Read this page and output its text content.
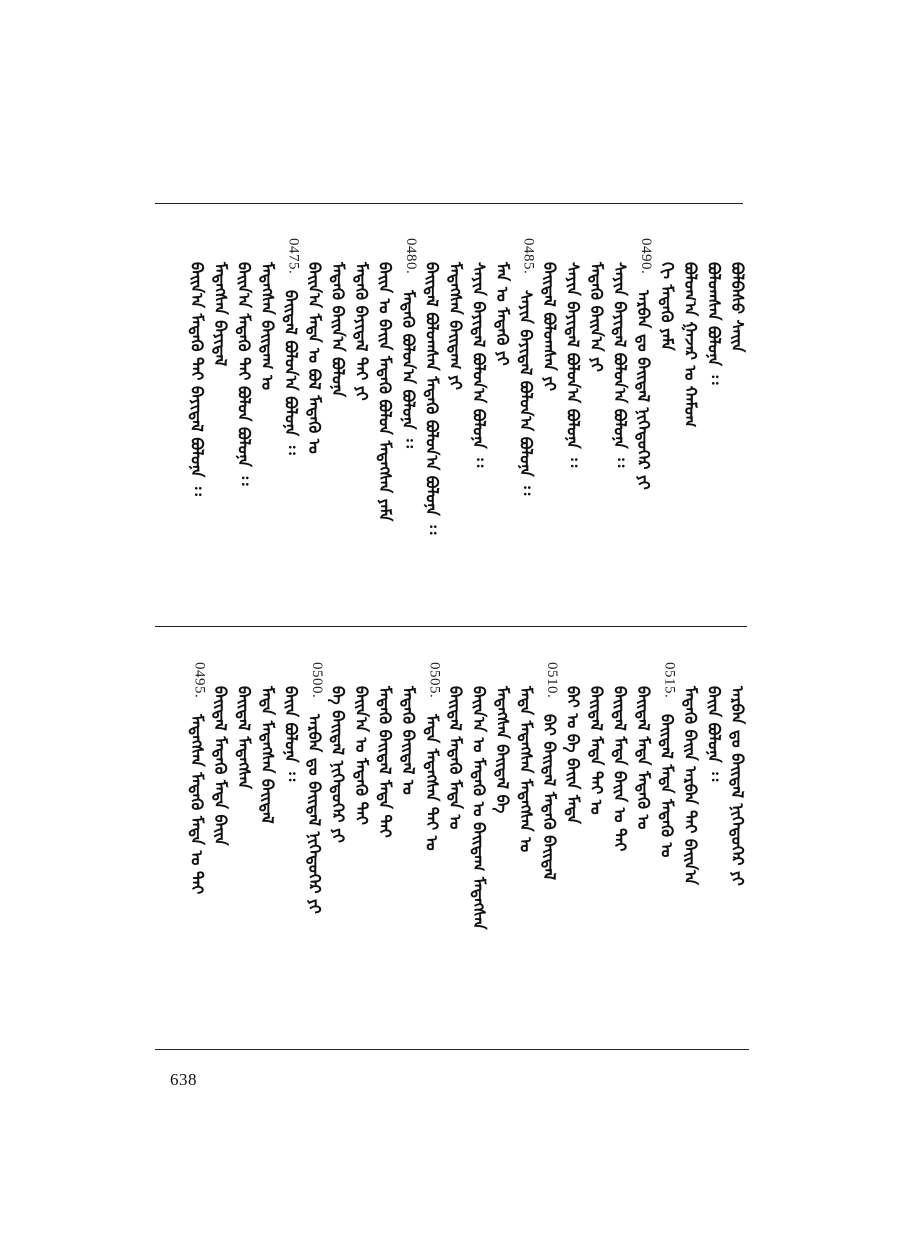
ᠪᠣᠯᠪᠠᠰᠤ ᠰᠠᠢᠨ
ᠪᠤᠯᠤᠭᠰᠠᠨ ᠪᠣᠯᠤᠨᠠ ᠄᠄
ᠪᠤᠯᠤᠭ᠎ᠠ ᠭᠠᠵᠠᠷ ᠤ ᠬᠠᠮᠤᠭ
ᠬᠢ ᠮᠡᠳᠡᠬᠦ ᠶᠠᠮᠠ
0490.
ᠠᠷᠪᠠᠨ ᠳᠤ ᠪᠠᠢᠳᠠᠯ ᠨᠢᠭᠡᠳᠦᠭᠡᠷ ᠶᠢ
ᠰᠠᠶᠢᠨ ᠪᠠᠶᠢᠳᠠᠯ ᠪᠣᠯᠤᠨ᠎ᠠ ᠪᠣᠯᠤᠨᠠ ᠄᠄
ᠮᠡᠳᠡᠬᠦ ᠪᠠᠢᠨ᠎ᠠ ᠶᠢ
ᠰᠠᠶᠢᠨ ᠪᠠᠶᠢᠳᠠᠯ ᠪᠣᠯᠤᠨ᠎ᠠ ᠪᠣᠯᠤᠨᠠ ᠄᠄
ᠪᠠᠢᠳᠠᠯ ᠪᠣᠯᠤᠭᠰᠠᠨ ᠶᠢ
0485.
ᠰᠠᠶᠢᠨ ᠪᠠᠶᠢᠳᠠᠯ ᠪᠣᠯᠤᠨ᠎ᠠ ᠪᠣᠯᠤᠨᠠ ᠄᠄
ᠮᠠᠨ ᠤ ᠮᠡᠳᠡᠬᠦ ᠶᠢ
ᠰᠠᠶᠢᠨ ᠪᠠᠶᠢᠳᠠᠯ ᠪᠣᠯᠤᠨ᠎ᠠ ᠪᠣᠯᠤᠨᠠ ᠄᠄
ᠮᠡᠳᠡᠭᠰᠡᠨ ᠪᠠᠢᠳᠠᠭ ᠶᠢ
ᠪᠠᠢᠳᠠᠯ ᠪᠤᠯᠤᠭᠰᠠᠨ ᠮᠡᠳᠡᠬᠦ ᠪᠣᠯᠤᠨ᠎ᠠ ᠪᠣᠯᠤᠨᠠ ᠄᠄
0480.
ᠮᠡᠳᠡᠬᠦ ᠪᠣᠯᠤᠨ᠎ᠠ ᠪᠣᠯᠤᠨᠠ ᠄᠄
ᠪᠠᠢᠨ ᠤ ᠪᠠᠢᠨ ᠮᠡᠳᠡᠬᠦ ᠪᠣᠯᠤᠨ ᠮᠡᠳᠡᠭᠰᠡᠨ ᠶᠠᠮᠠ
ᠮᠡᠳᠡᠬᠦ ᠪᠠᠶᠢᠳᠠᠯ ᠲᠠᠢ ᠶᠢ
ᠮᠡᠳᠡᠬᠦ ᠪᠠᠢᠨ᠎ᠠ ᠪᠣᠯᠤᠨᠠ
ᠪᠠᠢᠨ᠎ᠠ ᠮᠡᠳᠡ ᠤ ᠪᠣᠯ ᠮᠡᠳᠡᠬᠦ ᠤ
0475.
ᠪᠠᠢᠳᠠᠯ ᠪᠣᠯᠤᠨ᠎ᠠ ᠪᠣᠯᠤᠨᠠ ᠄᠄
ᠮᠡᠳᠡᠭᠰᠡᠨ ᠪᠠᠢᠳᠠᠭ ᠤ
ᠪᠠᠢᠨ᠎ᠠ ᠮᠡᠳᠡᠬᠦ ᠲᠠᠢ ᠪᠣᠯᠤᠨ ᠪᠣᠯᠤᠨᠠ ᠄᠄
ᠮᠡᠳᠡᠭᠰᠡᠨ ᠪᠠᠶᠢᠳᠠᠯ
ᠪᠠᠢᠨ᠎ᠠ ᠮᠡᠳᠡᠬᠦ ᠲᠠᠢ ᠪᠠᠶᠢᠳᠠᠯ ᠪᠣᠯᠤᠨᠠ ᠄᠄
ᠠᠷᠪᠠᠨ ᠳᠤ ᠪᠠᠢᠳᠠᠯ ᠨᠢᠭᠡᠳᠦᠭᠡᠷ ᠶᠢ
ᠪᠠᠢᠨ ᠪᠣᠯᠤᠨᠠ ᠄᠄
ᠮᠡᠳᠡᠬᠦ ᠪᠠᠢᠨ ᠠᠷᠪᠠᠨ ᠲᠠᠢ ᠪᠠᠢᠨ᠎ᠠ
0515.
ᠪᠠᠢᠳᠠᠯ ᠮᠡᠳᠡ ᠮᠡᠳᠡᠬᠦ ᠤ
ᠪᠠᠢᠳᠠᠯ ᠮᠡᠳᠡ ᠮᠡᠳᠡᠬᠦ ᠤ
ᠪᠠᠢᠳᠠᠯ ᠮᠡᠳᠡ ᠪᠠᠢᠨ ᠤ ᠲᠠᠢ
ᠪᠠᠢᠳᠠᠯ ᠮᠡᠳᠡ ᠲᠠᠢ ᠤ
ᠪᠠᠢ ᠤ ᠪᠠ ᠪᠠᠢᠨ ᠮᠡᠳᠡ
0510.
ᠪᠠᠢ ᠪᠠᠢᠳᠠᠯ ᠮᠡᠳᠡᠬᠦ ᠪᠠᠢᠳᠠᠯ
ᠮᠡᠳᠡ ᠮᠡᠳᠡᠭᠰᠡᠨ ᠮᠡᠳᠡᠭᠰᠡᠨ ᠤ
ᠮᠡᠳᠡᠭᠰᠡᠨ ᠪᠠᠢᠳᠠᠯ ᠪᠠ
ᠪᠠᠢᠨ᠎ᠠ ᠤ ᠮᠡᠳᠡᠬᠦ ᠤ ᠪᠠᠢᠳᠠᠭ ᠮᠡᠳᠡᠭᠰᠡᠨ
ᠪᠠᠢᠳᠠᠯ ᠮᠡᠳᠡᠬᠦ ᠮᠡᠳᠡ ᠤ
0505.
ᠮᠡᠳᠡ ᠮᠡᠳᠡᠭᠰᠡᠨ ᠲᠠᠢ ᠤ
ᠮᠡᠳᠡᠬᠦ ᠪᠠᠢᠳᠠᠯ ᠤ
ᠮᠡᠳᠡᠬᠦ ᠪᠠᠢᠳᠠᠯ ᠮᠡᠳᠡ ᠲᠠᠢ
ᠪᠠᠢᠨ᠎ᠠ ᠤ ᠮᠡᠳᠡᠬᠦ ᠲᠠᠢ
ᠪᠠ ᠪᠠᠢᠳᠠᠯ ᠨᠢᠭᠡᠳᠦᠭᠡᠷ ᠶᠢ
0500.
ᠠᠷᠪᠠᠨ ᠳᠤ ᠪᠠᠢᠳᠠᠯ ᠨᠢᠭᠡᠳᠦᠭᠡᠷ ᠶᠢ
ᠪᠠᠢᠨ ᠪᠣᠯᠤᠨᠠ ᠄᠄
ᠮᠡᠳᠡ ᠮᠡᠳᠡᠭᠰᠡᠨ ᠪᠠᠢᠳᠠᠯ
ᠪᠠᠢᠳᠠᠯ ᠮᠡᠳᠡᠭᠰᠡᠨ
ᠪᠠᠢᠳᠠᠯ ᠮᠡᠳᠡᠬᠦ ᠮᠡᠳᠡ ᠪᠠᠢᠨ
0495.
ᠮᠡᠳᠡᠭᠰᠡᠨ ᠮᠡᠳᠡᠬᠦ ᠮᠡᠳᠡ ᠤ ᠲᠠᠢ
638
